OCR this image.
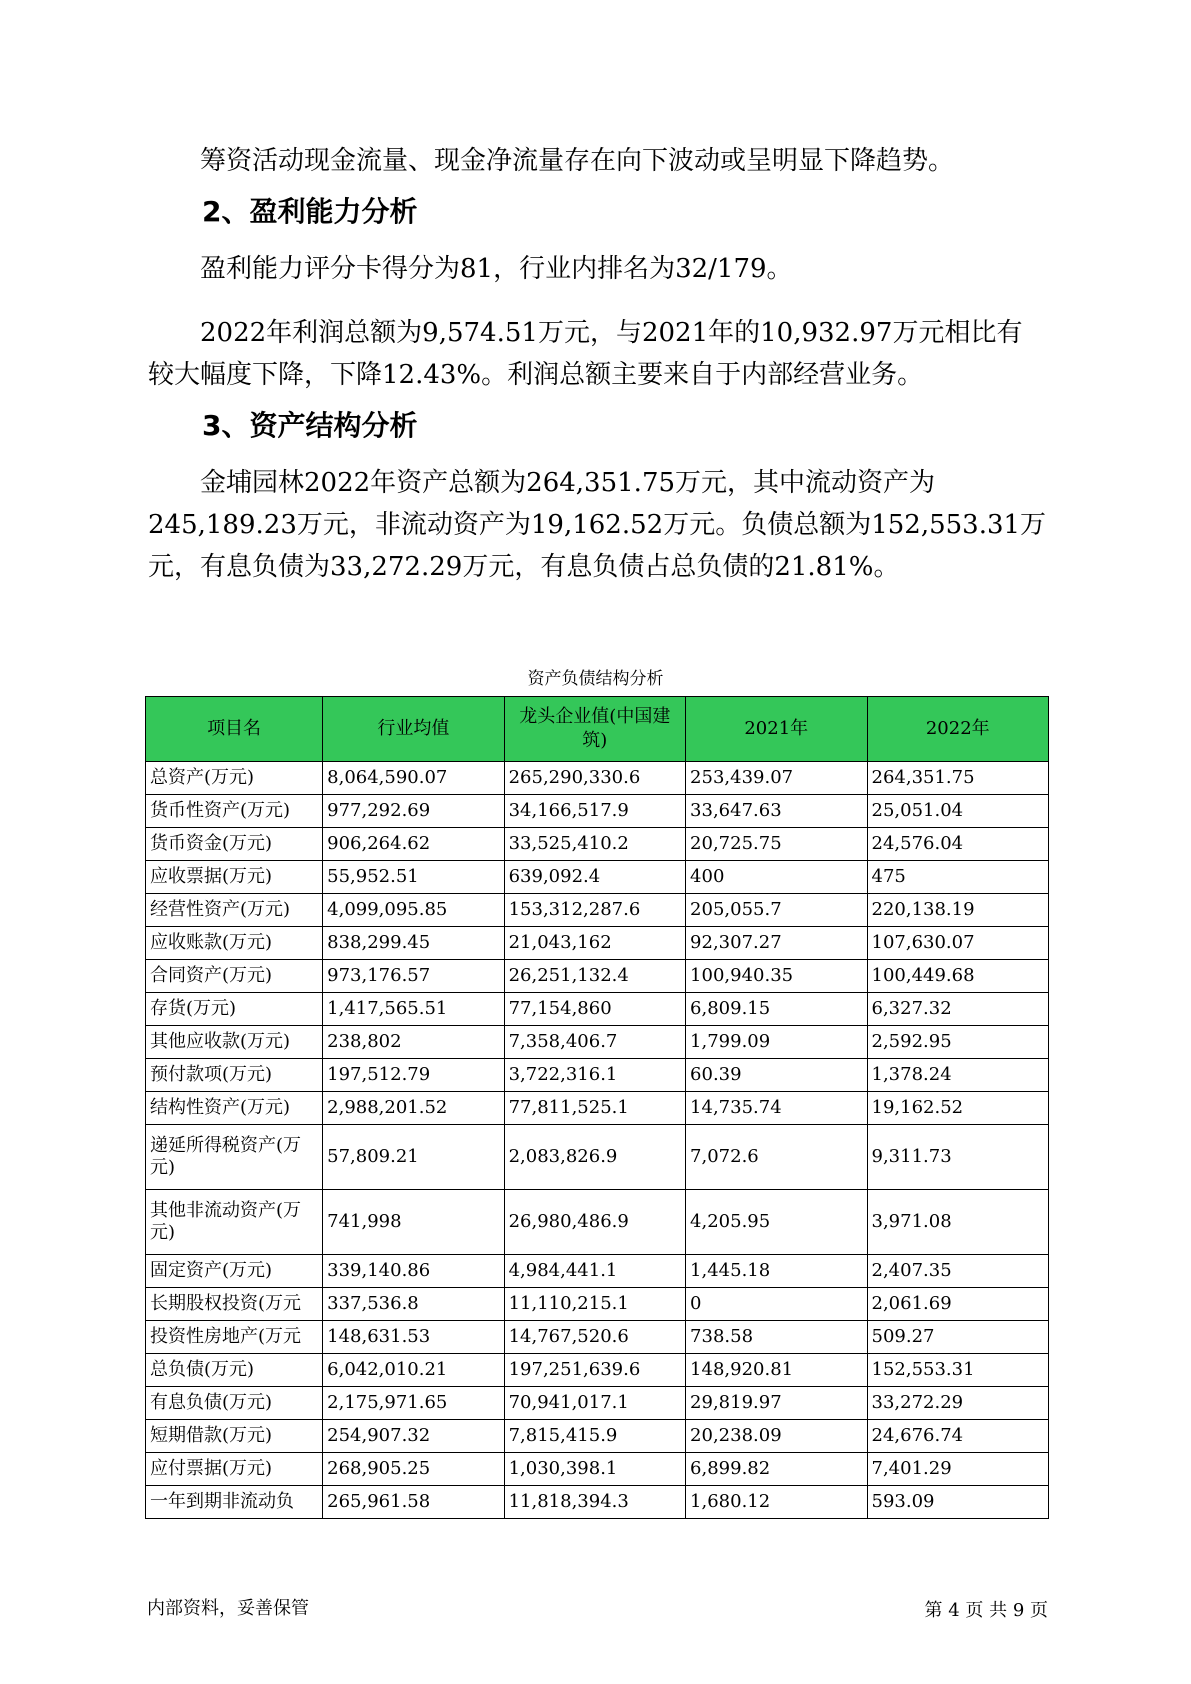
筹资活动现金流量、现金净流量存在向下波动或呈明显下降趋势。

2、盈利能力分析

盈利能力评分卡得分为81，行业内排名为32/179。

2022年利润总额为9,574.51万元，与2021年的10,932.97万元相比有较大幅度下降，下降12.43%。利润总额主要来自于内部经营业务。

3、资产结构分析

金埔园林2022年资产总额为264,351.75万元，其中流动资产为245,189.23万元，非流动资产为19,162.52万元。负债总额为152,553.31万元，有息负债为33,272.29万元，有息负债占总负债的21.81%。

资产负债结构分析
项目名	行业均值	龙头企业值(中国建筑)	2021年	2022年
总资产(万元)	8,064,590.07	265,290,330.6	253,439.07	264,351.75
货币性资产(万元)	977,292.69	34,166,517.9	33,647.63	25,051.04
货币资金(万元)	906,264.62	33,525,410.2	20,725.75	24,576.04
应收票据(万元)	55,952.51	639,092.4	400	475
经营性资产(万元)	4,099,095.85	153,312,287.6	205,055.7	220,138.19
应收账款(万元)	838,299.45	21,043,162	92,307.27	107,630.07
合同资产(万元)	973,176.57	26,251,132.4	100,940.35	100,449.68
存货(万元)	1,417,565.51	77,154,860	6,809.15	6,327.32
其他应收款(万元)	238,802	7,358,406.7	1,799.09	2,592.95
预付款项(万元)	197,512.79	3,722,316.1	60.39	1,378.24
结构性资产(万元)	2,988,201.52	77,811,525.1	14,735.74	19,162.52
递延所得税资产(万元)	57,809.21	2,083,826.9	7,072.6	9,311.73
其他非流动资产(万元)	741,998	26,980,486.9	4,205.95	3,971.08
固定资产(万元)	339,140.86	4,984,441.1	1,445.18	2,407.35
长期股权投资(万元	337,536.8	11,110,215.1	0	2,061.69
投资性房地产(万元	148,631.53	14,767,520.6	738.58	509.27
总负债(万元)	6,042,010.21	197,251,639.6	148,920.81	152,553.31
有息负债(万元)	2,175,971.65	70,941,017.1	29,819.97	33,272.29
短期借款(万元)	254,907.32	7,815,415.9	20,238.09	24,676.74
应付票据(万元)	268,905.25	1,030,398.1	6,899.82	7,401.29
一年到期非流动负	265,961.58	11,818,394.3	1,680.12	593.09
内部资料，妥善保管	第 4 页 共 9 页
